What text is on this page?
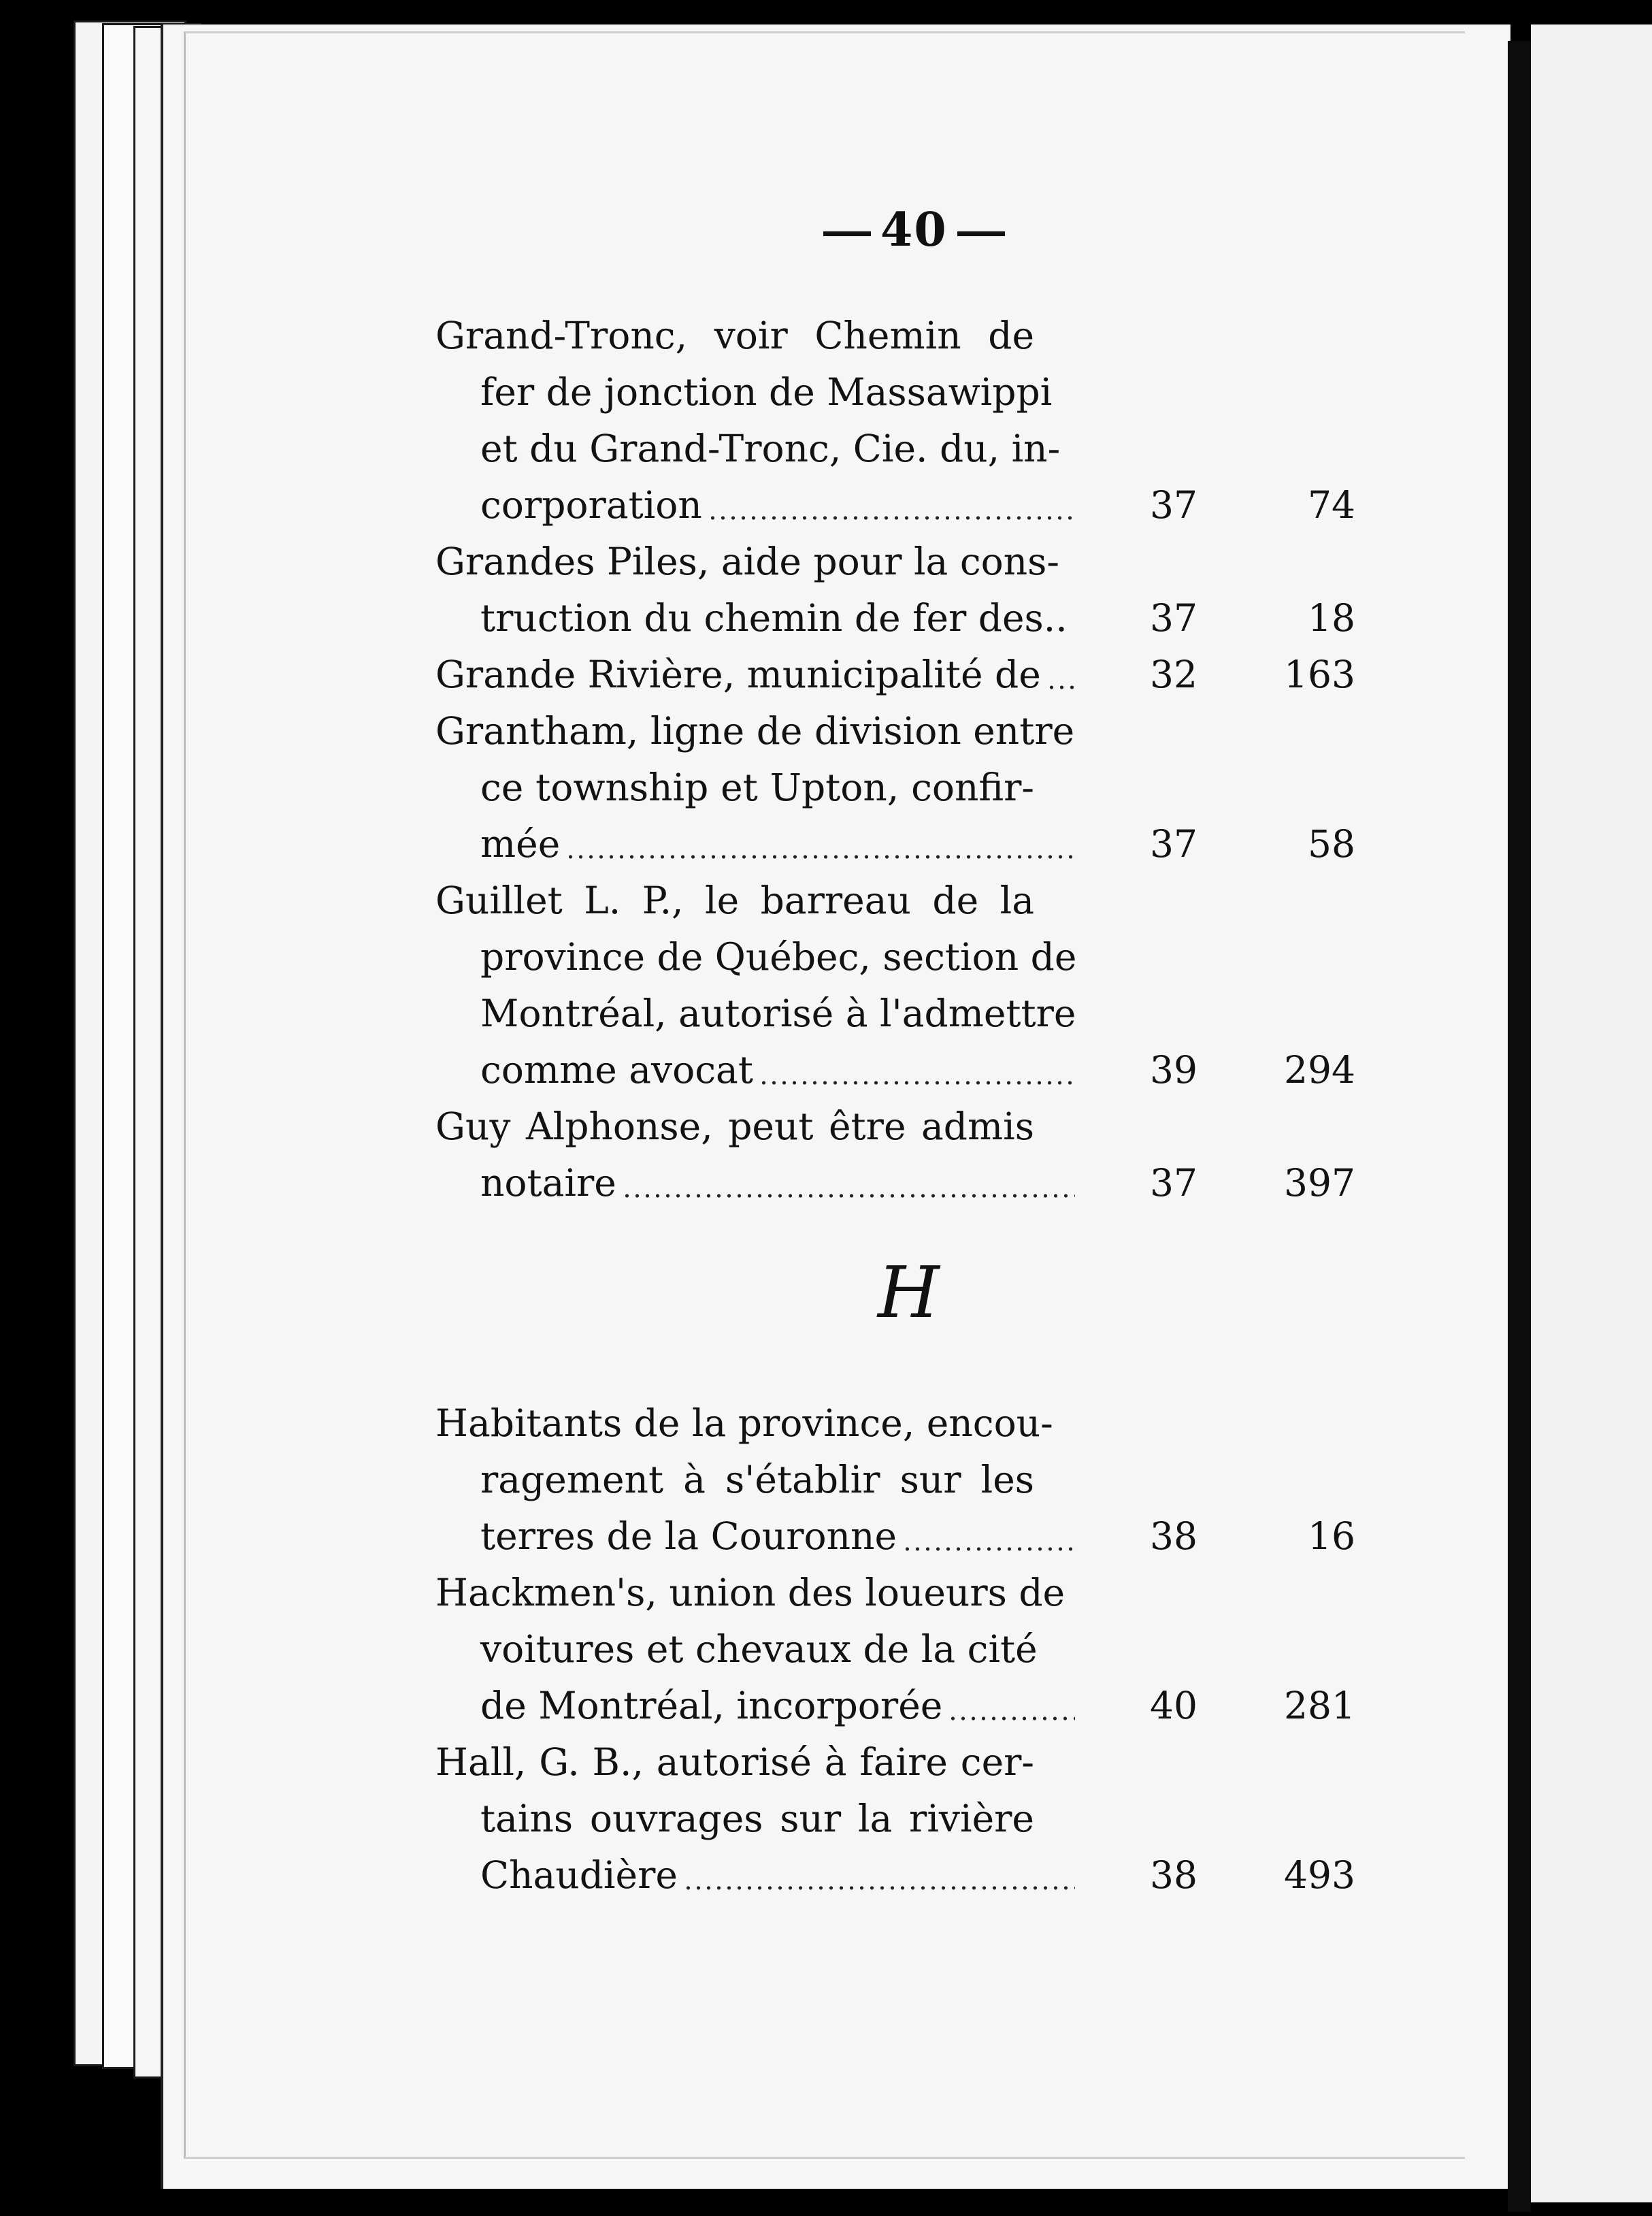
40
Grand-Tronc, voir Chemin de
fer de jonction de Massawippi
et du Grand-Tronc, Cie. du, in-
corporation	37	74
Grandes Piles, aide pour la cons-
truction du chemin de fer des.. 37	18
Grande Rivière, municipalité de	32	163
Grantham, ligne de division entre
ce township et Upton, confir-
mée	37	58
Guillet L. P., le barreau de la
province de Québec, section de
Montréal, autorisé à l'admettre
comme avocat	39	294
Guy Alphonse, peut être admis
notaire	37	397
H
Habitants de la province, encou-
ragement à s'établir sur les
terres de la Couronne	38	16
Hackmen's, union des loueurs de
voitures et chevaux de la cité
de Montréal, incorporée	40	281
Hall, G. B., autorisé à faire cer-
tains ouvrages sur la rivière
Chaudière	38	493
